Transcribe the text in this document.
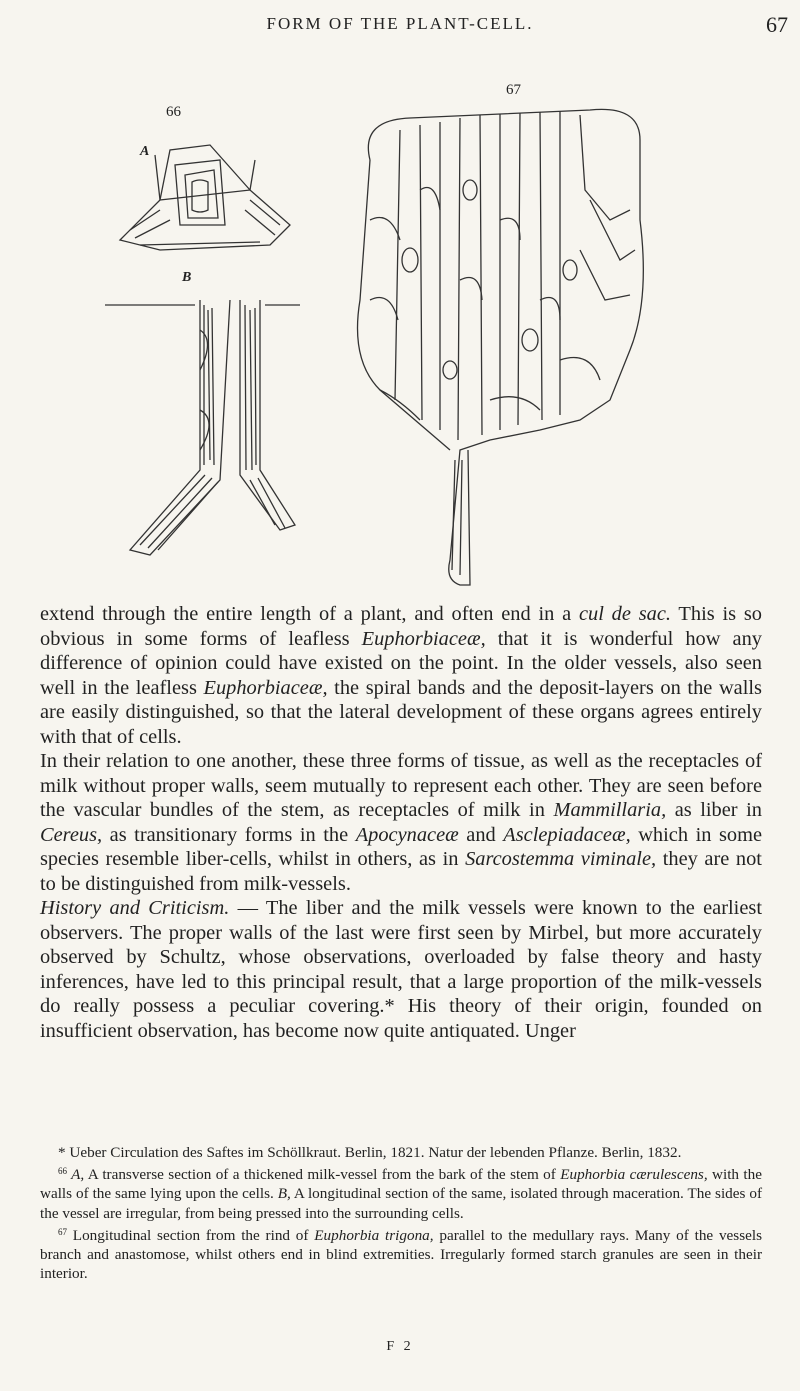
FORM OF THE PLANT-CELL.	67
66
A
B
67

extend through the entire length of a plant, and often end in a cul de sac. This is so obvious in some forms of leafless Euphorbiaceæ, that it is wonderful how any difference of opinion could have existed on the point. In the older vessels, also seen well in the leafless Euphorbiaceæ, the spiral bands and the deposit-layers on the walls are easily distinguished, so that the lateral development of these organs agrees entirely with that of cells.

In their relation to one another, these three forms of tissue, as well as the receptacles of milk without proper walls, seem mutually to represent each other. They are seen before the vascular bundles of the stem, as receptacles of milk in Mammillaria, as liber in Cereus, as transitionary forms in the Apocynaceæ and Asclepiadaceæ, which in some species resemble liber-cells, whilst in others, as in Sarcostemma viminale, they are not to be distinguished from milk-vessels.

History and Criticism. — The liber and the milk vessels were known to the earliest observers. The proper walls of the last were first seen by Mirbel, but more accurately observed by Schultz, whose observations, overloaded by false theory and hasty inferences, have led to this principal result, that a large proportion of the milk-vessels do really possess a peculiar covering.* His theory of their origin, founded on insufficient observation, has become now quite antiquated. Unger

* Ueber Circulation des Saftes im Schöllkraut. Berlin, 1821. Natur der lebenden Pflanze. Berlin, 1832.

$^{66}$ A, A transverse section of a thickened milk-vessel from the bark of the stem of Euphorbia cærulescens, with the walls of the same lying upon the cells. B, A longitudinal section of the same, isolated through maceration. The sides of the vessel are irregular, from being pressed into the surrounding cells.

$^{67}$ Longitudinal section from the rind of Euphorbia trigona, parallel to the medullary rays. Many of the vessels branch and anastomose, whilst others end in blind extremities. Irregularly formed starch granules are seen in their interior.

F 2
